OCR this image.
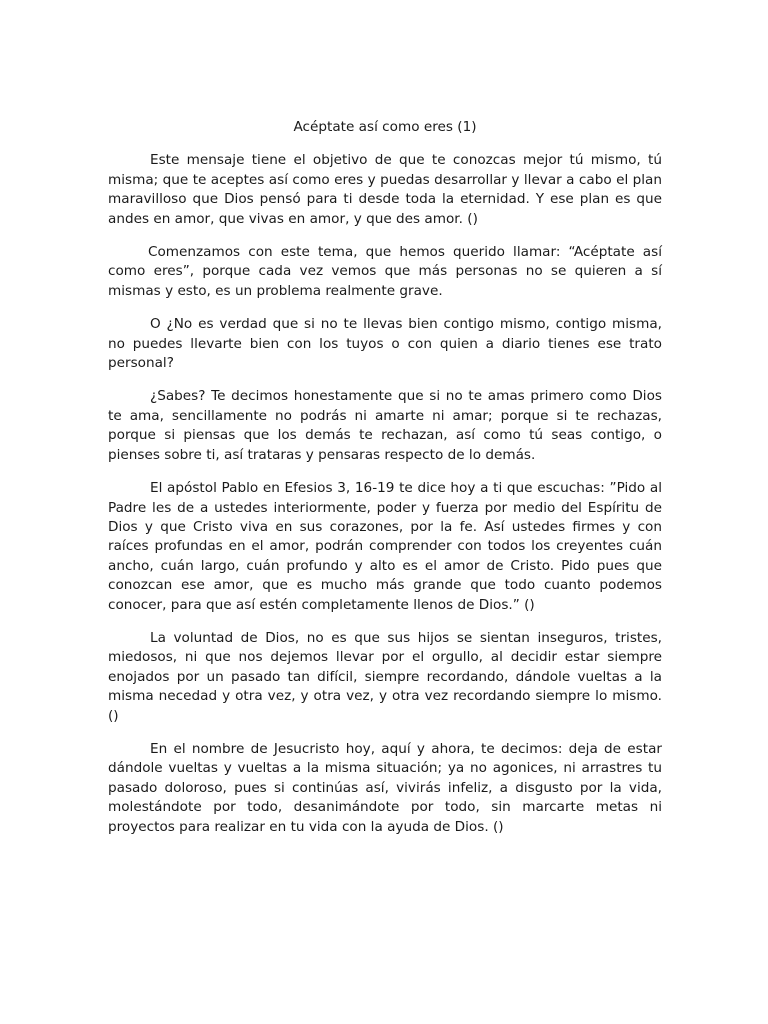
Acéptate así como eres (1)

Este mensaje tiene el objetivo de que te conozcas mejor tú mismo, tú misma; que te aceptes así como eres y puedas desarrollar y llevar a cabo el plan maravilloso que Dios pensó para ti desde toda la eternidad. Y ese plan es que andes en amor, que vivas en amor, y que des amor. ()

Comenzamos con este tema, que hemos querido llamar: “Acéptate así como eres”, porque cada vez vemos que más personas no se quieren a sí mismas y esto, es un problema realmente grave.

O ¿No es verdad que si no te llevas bien contigo mismo, contigo misma, no puedes llevarte bien con los tuyos o con quien a diario tienes ese trato personal?

¿Sabes? Te decimos honestamente que si no te amas primero como Dios te ama, sencillamente no podrás ni amarte ni amar; porque si te rechazas, porque si piensas que los demás te rechazan, así como tú seas contigo, o pienses sobre ti, así trataras y pensaras respecto de lo demás.

El apóstol Pablo en Efesios 3, 16-19 te dice hoy a ti que escuchas: ”Pido al Padre les de a ustedes interiormente, poder y fuerza por medio del Espíritu de Dios y que Cristo viva en sus corazones, por la fe. Así ustedes firmes y con raíces profundas en el amor, podrán comprender con todos los creyentes cuán ancho, cuán largo, cuán profundo y alto es el amor de Cristo. Pido pues que conozcan ese amor, que es mucho más grande que todo cuanto podemos conocer, para que así estén completamente llenos de Dios.” ()

La voluntad de Dios, no es que sus hijos se sientan inseguros, tristes, miedosos, ni que nos dejemos llevar por el orgullo, al decidir estar siempre enojados por un pasado tan difícil, siempre recordando, dándole vueltas a la misma necedad y otra vez, y otra vez, y otra vez recordando siempre lo mismo. ()

En el nombre de Jesucristo hoy, aquí y ahora, te decimos: deja de estar dándole vueltas y vueltas a la misma situación; ya no agonices, ni arrastres tu pasado doloroso, pues si continúas así, vivirás infeliz, a disgusto por la vida, molestándote por todo, desanimándote por todo, sin marcarte metas ni proyectos para realizar en tu vida con la ayuda de Dios. ()
